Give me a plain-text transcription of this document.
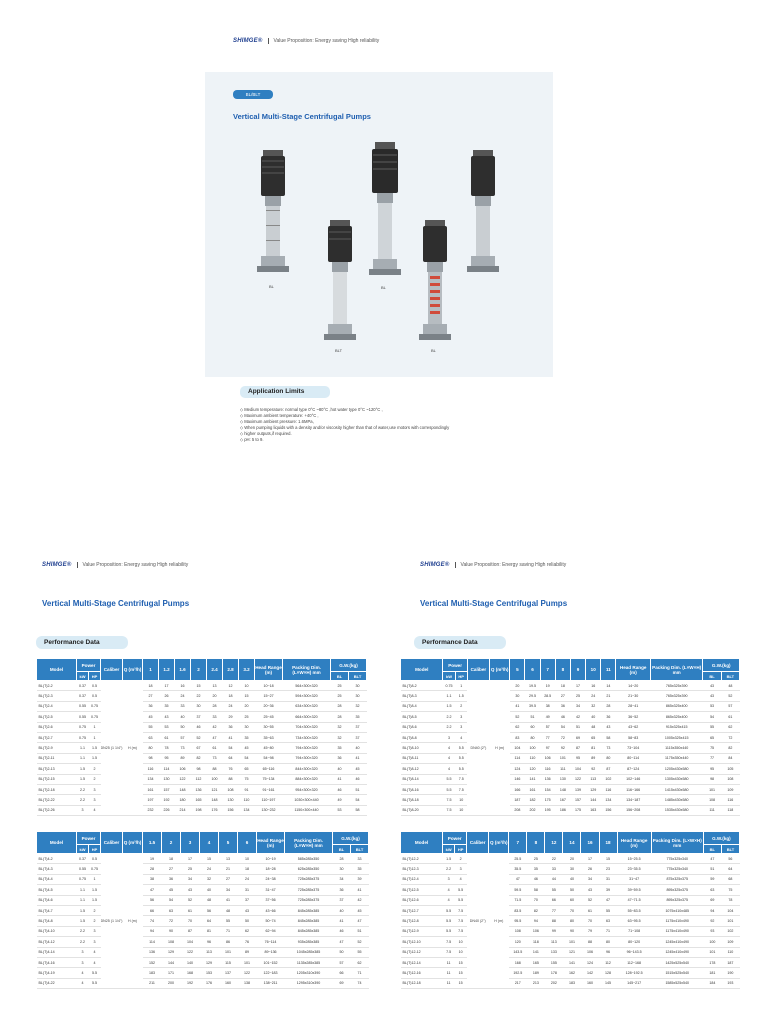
SHIMGE® Value Proposition: Energy saving High reliability
BL/BLT
Vertical Multi-Stage Centrifugal Pumps
BL	BL
BLT	BL
Application Limits
◇ Medium temperature: normal type 0°C ~80°C ,hot water type 0°C ~120°C ,
◇ Maximum ambient temperature: +40°C ,
◇ Maximum ambient pressure: 1.6MPa,
◇ When pumping liquids with a density and/or viscosity higher than that of water,use motors with correspondingly
◇ higher outputs,if required.
◇ pH: 5 to 9.
SHIMGE® Value Proposition: Energy saving High reliability
Vertical Multi-Stage Centrifugal Pumps
Performance Data
Model	Power		Caliber	Q (m³/h)	1	1.2	1.6	2	2.4	2.8	3.2	Head Range (m)	Packing Dim. (L×W×H) mm	G.W.(kg)	
	kW	HP												BL	BLT
BL(T)2-2	0.37	0.5	DN25 (1 1/4")	H (m)	18	17	16	15	13	12	10	10~18	564×300×320	25	30
BL(T)2-3	0.37	0.5			27	26	24	22	20	18	15	15~27	594×300×320	25	30
BL(T)2-4	0.55	0.75			36	35	33	30	28	24	20	20~36	634×300×320	28	32
BL(T)2-5	0.55	0.75			45	43	40	37	33	29	25	25~45	664×300×320	28	35
BL(T)2-6	0.75	1			55	53	50	46	42	36	30	30~55	704×300×320	32	37
BL(T)2-7	0.75	1			63	61	57	52	47	41	35	35~63	734×300×320	32	37
BL(T)2-9	1.1	1.5			80	78	73	67	61	54	45	45~80	794×300×320	35	40
BL(T)2-11	1.1	1.5			98	95	89	82	73	64	54	54~98	794×300×320	36	41
BL(T)2-13	1.5	2			116	114	106	98	88	76	65	65~116	844×300×320	40	45
BL(T)2-15	1.5	2			134	130	122	112	100	88	75	75~134	884×300×320	41	46
BL(T)2-18	2.2	3			161	157	148	136	121	108	91	91~161	954×300×320	46	51
BL(T)2-22	2.2	3			197	192	180	165	148	130	110	110~197	1030×300×440	49	54
BL(T)2-26	3	4			232	226	214	198	176	156	134	130~232	1150×300×440	53	58
Model	Power		Caliber	Q (m³/h)	1.5	2	3	4	5	6	Head Range (m)	Packing Dim. (L×W×H) mm	G.W.(kg)	
	kW	HP											BL	BLT
BL(T)4-2	0.37	0.5	DN25 (1 1/4")	H (m)	19	18	17	15	13	10	10~19	585x285x350	28	33
BL(T)4-3	0.55	0.75			28	27	25	24	21	18	18~28	625x285x350	30	35
BL(T)4-4	0.75	1			38	36	34	32	27	24	24~38	725x285x375	34	39
BL(T)4-5	1.1	1.5			47	45	43	40	34	31	31~47	725x285x375	36	41
BL(T)4-6	1.1	1.5			56	54	52	48	41	37	37~56	725x285x375	37	42
BL(T)4-7	1.5	2			66	63	61	56	48	43	43~66	845x285x385	40	45
BL(T)4-8	1.5	2			74	72	70	64	55	50	50~74	845x285x385	41	47
BL(T)4-10	2.2	3			94	90	87	81	71	62	62~94	845x285x385	46	51
BL(T)4-12	2.2	3			114	108	104	96	86	76	76~114	935x285x385	47	52
BL(T)4-14	3	4			136	129	122	113	101	89	89~136	1045x285x385	50	55
BL(T)4-16	3	4			152	144	140	129	115	101	101~152	1135x285x385	57	62
BL(T)4-19	4	5.5			183	171	168	153	137	122	122~183	1205x310x390	66	71
BL(T)4-22	4	5.5			211	200	192	176	160	138	138~211	1295x310x390	69	74
SHIMGE® Value Proposition: Energy saving High reliability
Vertical Multi-Stage Centrifugal Pumps
Performance Data
Model	Power		Caliber	Q (m³/h)	5	6	7	8	9	10	11	Head Range (m)	Packing Dim. (L×W×H) mm	G.W.(kg)	
	kW	HP												BL	BLT
BL(T)8-2	0.75	1	DN40 (2")	H (m)	20	19.5	19	18	17	16	14	14~20	765x325x390	43	48
BL(T)8-3	1.1	1.5			30	29.5	28.5	27	25	24	21	21~30	765x325x390	43	52
BL(T)8-4	1.5	2			41	39.5	38	36	34	32	28	28~41	865x325x400	53	57
BL(T)8-5	2.2	3			52	51	49	46	42	40	36	36~52	865x325x400	54	61
BL(T)8-6	2.2	3			62	60	57	54	51	48	43	43~62	915x325x415	55	62
BL(T)8-8	3	4			83	80	77	72	69	65	58	58~83	1005x325x415	65	72
BL(T)8-10	4	5.5			104	100	97	92	87	81	73	73~104	1115x350x440	75	82
BL(T)8-11	4	5.5			114	110	106	101	95	89	80	80~114	1175x350x440	77	84
BL(T)8-12	4	5.5			124	120	116	111	104	92	87	87~124	1205x430x580	95	105
BL(T)8-14	5.5	7.5			146	141	136	130	122	113	102	102~146	1305x430x580	98	108
BL(T)8-16	5.5	7.5			166	161	154	148	139	129	116	116~166	1415x430x580	101	109
BL(T)8-18	7.5	10			187	182	175	167	157	144	134	134~187	1485x430x580	108	116
BL(T)8-20	7.5	10			208	202	195	186	175	163	156	156~208	1535x430x580	111	118
Model	Power		Caliber	Q (m³/h)	7	8	12	14	16	18	Head Range (m)	Packing Dim. (L×W×H) mm	G.W.(kg)	
	kW	HP											BL	BLT
BL(T)12-2	1.5	2	DN40 (2")	H (m)	25.5	25	22	20	17	15	15~25.5	775x325x340	47	56
BL(T)12-3	2.2	3			35.5	35	33	30	26	23	23~35.5	775x325x340	51	64
BL(T)12-4	3	4			47	46	44	40	34	31	31~47	875x325x375	59	68
BL(T)12-5	4	5.5			59.5	58	55	50	43	39	39~59.5	895x325x375	63	75
BL(T)12-6	4	5.5			71.5	70	66	60	52	47	47~71.5	895x325x375	69	78
BL(T)12-7	5.5	7.5			83.5	82	77	70	61	55	55~83.5	1075x410x485	94	104
BL(T)12-8	5.5	7.5			95.5	94	88	80	70	63	63~95.5	1175x410x490	92	101
BL(T)12-9	5.5	7.5			108	106	99	90	79	71	71~108	1175x410x490	93	102
BL(T)12-10	7.5	10			120	118	113	101	88	80	80~120	1245x410x490	100	109
BL(T)12-12	7.5	10			143.5	141	133	121	106	96	96~143.5	1245x410x490	101	110
BL(T)12-14	11	15			168	165	155	141	124	112	112~168	1425x525x540	178	187
BL(T)12-16	11	15			192.5	189	178	162	142	128	128~192.5	1515x525x540	181	190
BL(T)12-18	11	15			217	213	202	183	160	145	145~217	1585x525x540	184	193
